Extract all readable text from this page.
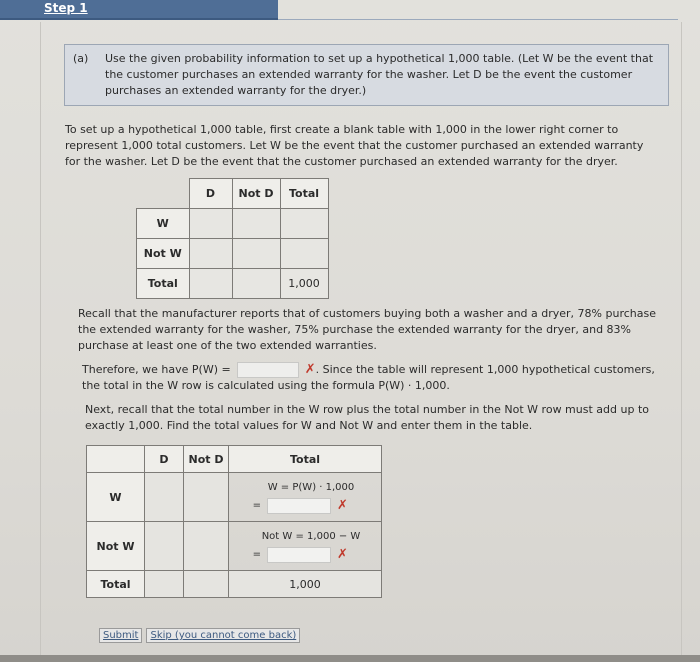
Step 1
(a) Use the given probability information to set up a hypothetical 1,000 table. (Let W be the event that the customer purchases an extended warranty for the washer. Let D be the event the customer purchases an extended warranty for the dryer.)
To set up a hypothetical 1,000 table, first create a blank table with 1,000 in the lower right corner to represent 1,000 total customers. Let W be the event that the customer purchased an extended warranty for the washer. Let D be the event that the customer purchased an extended warranty for the dryer.
	D	Not D	Total
W			
Not W			
Total			1,000
Recall that the manufacturer reports that of customers buying both a washer and a dryer, 78% purchase the extended warranty for the washer, 75% purchase the extended warranty for the dryer, and 83% purchase at least one of the two extended warranties.
Therefore, we have P(W) =	✗. Since the table will represent 1,000 hypothetical customers,
the total in the W row is calculated using the formula P(W) · 1,000.
Next, recall that the total number in the W row plus the total number in the Not W row must add up to exactly 1,000. Find the total values for W and Not W and enter them in the table.
	D	Not D	Total
W			W = P(W) · 1,000
= ✗

Not W			Not W = 1,000 − W
= ✗

Total			1,000
Submit	Skip (you cannot come back)
